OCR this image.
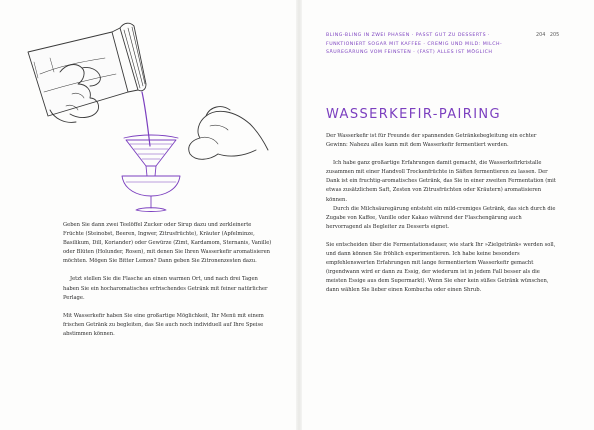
Geben Sie dann zwei Teelöffel Zucker oder Sirup dazu und zerkleinerte Früchte (Steinobst, Beeren, Ingwer, Zitrusfrüchte), Kräuter (Apfelminze, Basilikum, Dill, Koriander) oder Gewürze (Zimt, Kardamom, Sternanis, Vanille) oder Blüten (Holunder, Rosen), mit denen Sie Ihren Wasserkefir aromatisieren möchten. Mögen Sie Bitter Lemon? Dann geben Sie Zitronenzesten dazu.

Jetzt stellen Sie die Flasche an einen warmen Ort, und nach drei Tagen haben Sie ein hocharomatisches erfrischendes Getränk mit feiner natürlicher Perlage.

Mit Wasserkefir haben Sie eine großartige Möglichkeit, Ihr Menü mit einem frischen Getränk zu begleiten, das Sie auch noch individuell auf Ihre Speise abstimmen können.

BLING-BLING IN ZWEI PHASEN · PASST GUT ZU DESSERTS · FUNKTIONIERT SOGAR MIT KAFFEE · CREMIG UND MILD: MILCH-SÄUREGÄRUNG VOM FEINSTEN · (FAST) ALLES IST MÖGLICH
204 205
WASSERKEFIR-PAIRING

Der Wasserkefir ist für Freunde der spannenden Getränkebegleitung ein echter Gewinn: Nahezu alles kann mit dem Wasserkefir fermentiert werden.

Ich habe ganz großartige Erfahrungen damit gemacht, die Wasserkefirkristalle zusammen mit einer Handvoll Trockenfrüchte in Säften fermentieren zu lassen. Der Dank ist ein fruchtig-aromatisches Getränk, das Sie in einer zweiten Fermentation (mit etwas zusätzlichem Saft, Zesten von Zitrusfrüchten oder Kräutern) aromatisieren können.

Durch die Milchsäuregärung entsteht ein mild-cremiges Getränk, das sich durch die Zugabe von Kaffee, Vanille oder Kakao während der Flaschengärung auch hervorragend als Begleiter zu Desserts eignet.

Sie entscheiden über die Fermentationsdauer, wie stark Ihr »Zielgetränk« werden soll, und dann können Sie fröhlich experimentieren. Ich habe keine besonders empfehlenswerten Erfahrungen mit lange fermentiertem Wasserkefir gemacht (irgendwann wird er dann zu Essig, der wiederum ist in jedem Fall besser als die meisten Essige aus dem Supermarkt). Wenn Sie eher kein süßes Getränk wünschen, dann wählen Sie lieber einen Kombucha oder einen Shrub.
